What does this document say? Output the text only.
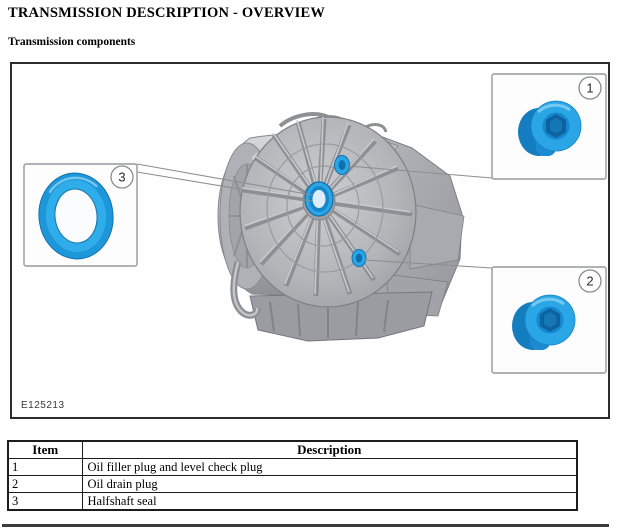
TRANSMISSION DESCRIPTION - OVERVIEW
Transmission components
1
2
3
E125213
Item	Description
1	Oil filler plug and level check plug
2	Oil drain plug
3	Halfshaft seal
